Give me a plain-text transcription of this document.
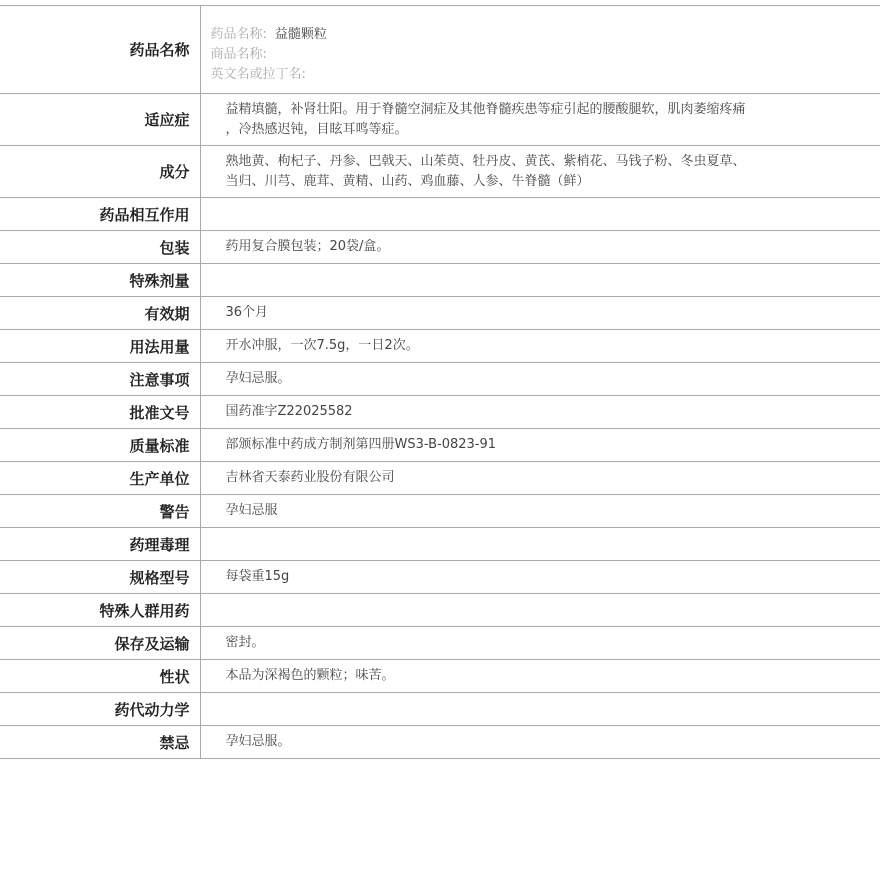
药品名称	药品名称: 益髓颗粒
商品名称:
英文名或拉丁名:

适应症	益精填髓，补肾壮阳。用于脊髓空洞症及其他脊髓疾患等症引起的腰酸腿软，肌肉萎缩疼痛
，冷热感迟钝，目眩耳鸣等症。

成分	熟地黄、枸杞子、丹参、巴戟天、山茱萸、牡丹皮、黄芪、紫梢花、马钱子粉、冬虫夏草、
当归、川芎、鹿茸、黄精、山药、鸡血藤、人参、牛脊髓（鲜）

药品相互作用	
包装	药用复合膜包装；20袋/盒。

特殊剂量	
有效期	36个月

用法用量	开水冲服，一次7.5g，一日2次。

注意事项	孕妇忌服。

批准文号	国药准字Z22025582

质量标准	部颁标准中药成方制剂第四册WS3-B-0823-91

生产单位	吉林省天泰药业股份有限公司

警告	孕妇忌服

药理毒理	
规格型号	每袋重15g

特殊人群用药	
保存及运输	密封。

性状	本品为深褐色的颗粒；味苦。

药代动力学	
禁忌	孕妇忌服。
